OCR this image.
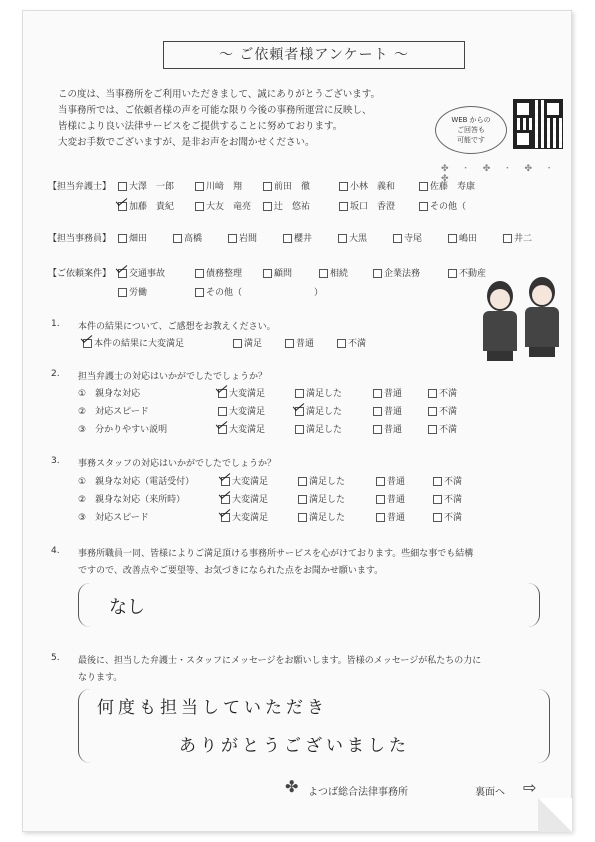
～ ご依頼者様アンケート ～
この度は、当事務所をご利用いただきまして、誠にありがとうございます。
当事務所では、ご依頼者様の声を可能な限り今後の事務所運営に反映し、
皆様により良い法律サービスをご提供することに努めております。
大変お手数でございますが、是非お声をお聞かせください。
WEB からの
ご回答も
可能です
✤ ･ ✤ ･ ✤ ･ ✤
【担当弁護士】	大澤　一郎	川﨑　翔	前田　徹	小林　義和	佐藤　寿康
加藤　貴紀	大友　竜亮	辻　悠祐	坂口　香澄	その他（
【担当事務員】	畑田	高橋	岩間	櫻井	大黒	寺尾	嶋田	井二
【ご依頼案件】	交通事故	債務整理	顧問	相続	企業法務	不動産
労働	その他（　　　　　　　　）
1. 本件の結果について、ご感想をお教えください。
本件の結果に大変満足	満足	普通	不満
2. 担当弁護士の対応はいかがでしたでしょうか？
①　親身な対応	大変満足	満足した	普通	不満
②　対応スピード	大変満足	満足した	普通	不満
③　分かりやすい説明	大変満足	満足した	普通	不満
3. 事務スタッフの対応はいかがでしたでしょうか？
①　親身な対応（電話受付）	大変満足	満足した	普通	不満
②　親身な対応（来所時）	大変満足	満足した	普通	不満
③　対応スピード	大変満足	満足した	普通	不満
4. 事務所職員一同、皆様によりご満足頂ける事務所サービスを心がけております。些細な事でも結構
ですので、改善点やご要望等、お気づきになられた点をお聞かせ願います。
なし
5. 最後に、担当した弁護士・スタッフにメッセージをお願いします。皆様のメッセージが私たちの力に
なります。
何度も担当していただき
ありがとうございました
✤ よつば総合法律事務所	裏面へ ⇨
